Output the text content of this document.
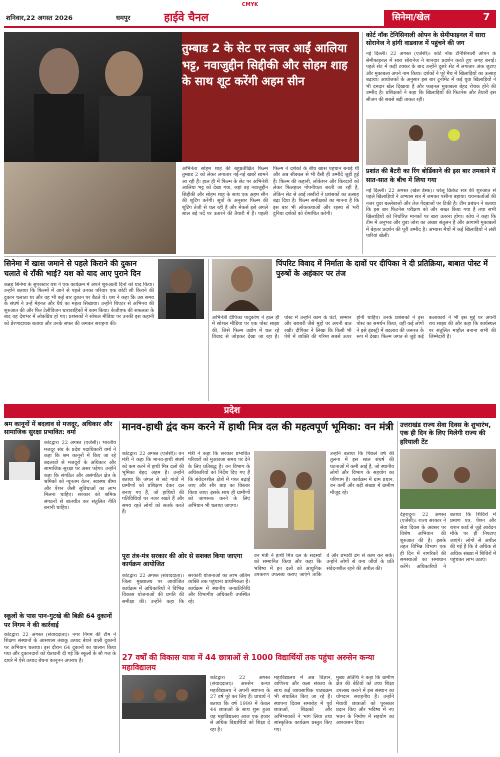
CMYK
शनिवार,22 अगस्त 2026	धमपुर	हाईवे चैनल	सिनेमा/खेल	7
तुम्बाड 2 के सेट पर नजर आईं आलिया भट्ट, नवाजुद्दीन सिद्दीकी और सोहम शाह के साथ शूट करेंगी अहम सीन
अभिनेता सोहम शाह की बहुप्रतीक्षित फिल्म तुम्बाड 2 को लेकर लगातार नई-नई खबरें सामने आ रही हैं। हाल ही में फिल्म के सेट पर अभिनेत्री आलिया भट्ट को देखा गया, जहां वह नवाजुद्दीन सिद्दीकी और सोहम शाह के साथ एक अहम सीन की शूटिंग करेंगी। सूत्रों के अनुसार फिल्म की शूटिंग तेजी से चल रही है और मेकर्स इसे अगले साल बड़े पर्दे पर उतारने की तैयारी में हैं। पहली फिल्म ने दर्शकों के बीच खास पहचान बनाई थी और अब सीक्वल से भी वैसी ही उम्मीदें जुड़ी हुई हैं। फिल्म की कहानी, लोकेशन और किरदारों को लेकर फिलहाल गोपनीयता बरती जा रही है, लेकिन सेट से आई तस्वीरों ने प्रशंसकों का उत्साह बढ़ा दिया है। फिल्म समीक्षकों का मानना है कि इस बार भी लोककथाओं और रहस्य से भरी दुनिया दर्शकों को रोमांचित करेगी।
कोर्ट नॉक टेनिसिनाली ओपन के सेमीफाइनल में सारा सोरानेज ने हांगी वाडवाज में पहुंचने की जग
नई दिल्ली। 22 अगस्त (एजेंसी)। कोर्ट नॉक टेनिसिनाली ओपन के सेमीफाइनल में सारा सोरानेज ने शानदार प्रदर्शन करते हुए जगह बनाई। पहले सेट में कड़ी टक्कर के बाद उन्होंने दूसरे सेट में लगातार अंक जुटाए और मुकाबला अपने नाम किया। दर्शकों ने पूरे मैच में खिलाड़ियों का उत्साह बढ़ाया। आयोजकों के अनुसार इस बार टूर्नामेंट में कई युवा खिलाड़ियों ने भी दमदार खेल दिखाया है और फाइनल मुकाबला बेहद रोचक होने की उम्मीद है। प्रशिक्षकों ने कहा कि खिलाड़ियों की फिटनेस और तैयारी इस सीजन की सबसे बड़ी ताकत रही।
प्रशांत की बैटरी का रिंग बोर्डिकाने की इस बार तमकाने में सात-सात के बीच में लिया गया
नई दिल्ली। 22 अगस्त (खेल डेस्क)। घरेलू क्रिकेट सत्र की शुरुआत से पहले खिलाड़ियों ने अभ्यास सत्र में जमकर पसीना बहाया। चयनकर्ताओं की नजर युवा बल्लेबाजों और तेज गेंदबाजों पर टिकी है। टीम प्रबंधन ने बताया कि इस बार फिटनेस परीक्षण को और सख्त किया गया है तथा सभी खिलाड़ियों को निर्धारित मानकों पर खरा उतरना होगा। कोच ने कहा कि टीम में अनुभव और युवा जोश का अच्छा संतुलन है और आगामी मुकाबलों में बेहतर प्रदर्शन की पूरी उम्मीद है। अभ्यास मैचों में कई खिलाड़ियों ने लंबी पारियां खेलीं।
सिनेमा में खास जमाने से पहले किराने की दुकान चलाते थे राँकी भाई? यश को याद आए पुराने दिन
कन्नड़ सिनेमा के सुपरस्टार यश ने एक कार्यक्रम में अपने शुरुआती दिनों को याद किया। उन्होंने बताया कि फिल्मों में आने से पहले उनका परिवार एक छोटी सी किराने की दुकान चलाता था और वह भी कई बार दुकान पर बैठते थे। यश ने कहा कि उस समय के संघर्ष ने उन्हें मेहनत और धैर्य का महत्व सिखाया। उन्होंने थिएटर से अभिनय की शुरुआत की और फिर टेलीविजन धारावाहिकों में काम किया। केजीएफ की सफलता के बाद वह देशभर में लोकप्रिय हो गए। प्रशंसकों ने सोशल मीडिया पर उनकी इस कहानी को प्रेरणादायक बताया और उनके सफर की जमकर सराहना की।
पिंपरिट विवाद में निर्माता के दावों पर दीपिका ने दी प्रतिक्रिया, बाबात पोस्ट में पुरुषों के अहंकार पर तंज
अभिनेत्री दीपिका पादुकोण ने हाल ही में सोशल मीडिया पर एक पोस्ट साझा की, जिसे फिल्म उद्योग में चल रहे विवाद से जोड़कर देखा जा रहा है। पोस्ट में उन्होंने काम के घंटों, सम्मान और बराबरी जैसे मुद्दों पर अपनी बात रखी। दीपिका ने लिखा कि किसी भी पेशे में व्यक्ति की गरिमा सबसे ऊपर होनी चाहिए। उनके प्रशंसकों ने इस पोस्ट का समर्थन किया, वहीं कई लोगों ने इसे इंडस्ट्री में बदलाव की जरूरत के रूप में देखा। फिल्म जगत से जुड़े कई कलाकारों ने भी इस मुद्दे पर अपनी राय साझा की और कहा कि कार्यस्थल पर संतुलित माहौल बनाना सभी की जिम्मेदारी है।
प्रदेश
श्रम कानूनों में बदलाव से मजदूर, अधिकार और सामाजिक सुरक्षा प्रभावित: वर्मा
कोटद्वार। 22 अगस्त (एजेंसी)। भारतीय मजदूर संघ के प्रदेश पदाधिकारी वर्मा ने कहा कि श्रम कानूनों में किए जा रहे बदलावों से मजदूरों के अधिकार और सामाजिक सुरक्षा पर असर पड़ेगा। उन्होंने कहा कि संगठित और असंगठित क्षेत्र के श्रमिकों को न्यूनतम वेतन, स्वास्थ्य बीमा और पेंशन जैसी सुविधाओं का लाभ मिलना चाहिए। सरकार को श्रमिक संगठनों से बातचीत कर संतुलित नीति बनानी चाहिए।
स्कूलों के पास पान-गुटखे की बिक्री 64 दुकानों पर निगम ने की कार्रवाई
कोटद्वार। 22 अगस्त (संवाददाता)। नगर निगम की टीम ने शिक्षण संस्थानों के आसपास तंबाकू उत्पाद बेचने वाली दुकानों पर अभियान चलाया। इस दौरान 64 दुकानों का चालान किया गया और दुकानदारों को चेतावनी दी गई कि स्कूलों के सौ गज के दायरे में ऐसे उत्पाद बेचना कानूनन अपराध है।
मानव-हाथी द्वंद कम करने में हाथी मित्र दल की महत्वपूर्ण भूमिका: वन मंत्री
कोटद्वार। 22 अगस्त (एजेंसी)। वन मंत्री ने कहा कि मानव-हाथी संघर्ष को कम करने में हाथी मित्र दलों की भूमिका बेहद अहम है। उन्होंने बताया कि जंगल से सटे गांवों में ग्रामीणों को प्रशिक्षण देकर दल बनाए गए हैं, जो हाथियों की गतिविधियों पर नजर रखते हैं और समय रहते लोगों को सतर्क करते हैं।
मंत्री ने कहा कि सरकार प्रभावित परिवारों को मुआवजा समय पर देने के लिए प्रतिबद्ध है। वन विभाग के अधिकारियों को निर्देश दिए गए हैं कि संवेदनशील क्षेत्रों में गश्त बढ़ाई जाए और सौर बाड़ का विस्तार किया जाए। इसके साथ ही ग्रामीणों को जागरूक करने के लिए अभियान भी चलाया जाएगा।
उन्होंने बताया कि पिछले वर्ष की तुलना में इस साल संघर्ष की घटनाओं में कमी आई है, जो स्थानीय लोगों और विभाग के सहयोग का परिणाम है। कार्यक्रम में ग्राम प्रधान, वन कर्मी और बड़ी संख्या में ग्रामीण मौजूद रहे।
वन मंत्री ने हाथी मित्र दल के सदस्यों को सम्मानित किया और कहा कि भविष्य में इन दलों को आधुनिक उपकरण उपलब्ध कराए जाएंगे ताकि वे और प्रभावी ढंग से काम कर सकें। उन्होंने लोगों से वन्य जीवों के प्रति संवेदनशील रहने की अपील की।
पूरा तंत्र-मंत्र सरकार की ओर से सशक्त किया जाएगा कार्यक्रम आयोजित
कोटद्वार। 22 अगस्त (संवाददाता)। जिला मुख्यालय पर आयोजित कार्यक्रम में अधिकारियों ने विभिन्न विकास योजनाओं की प्रगति की समीक्षा की। उन्होंने कहा कि सरकारी योजनाओं का लाभ अंतिम व्यक्ति तक पहुंचाना प्राथमिकता है। कार्यक्रम में स्थानीय जनप्रतिनिधि और विभागीय अधिकारी उपस्थित रहे।
27 वर्षों की विकास यात्रा में 44 छात्राओं से 1000 विद्यार्थियों तक पहुंचा अरुसेन कन्या महाविद्यालय
कोटद्वार। 22 अगस्त (संवाददाता)। अरुसेन कन्या महाविद्यालय ने अपनी स्थापना के 27 वर्ष पूरे कर लिए हैं। प्राचार्य ने बताया कि वर्ष 1999 में केवल 44 छात्राओं के साथ शुरू हुआ यह महाविद्यालय आज एक हजार से अधिक विद्यार्थियों को शिक्षा दे रहा है।
महाविद्यालय में अब विज्ञान, वाणिज्य और कला संकाय के साथ कई व्यावसायिक पाठ्यक्रम भी संचालित किए जा रहे हैं। स्थापना दिवस समारोह में पूर्व छात्राओं, शिक्षकों और अभिभावकों ने भाग लिया तथा सांस्कृतिक कार्यक्रम प्रस्तुत किए गए।
मुख्य अतिथि ने कहा कि ग्रामीण क्षेत्र की बेटियों को उच्च शिक्षा उपलब्ध कराने में इस संस्थान का योगदान सराहनीय है। उन्होंने मेधावी छात्राओं को पुरस्कार प्रदान किए और भविष्य में नए भवन के निर्माण में सहयोग का आश्वासन दिया।
उत्तराखंड राज्य सेवा दिवस के शुभारंभ, एक ही दिन के लिए मिलेगी राज्य की हरियाली टेंट
देहरादून। 22 अगस्त (एजेंसी)। राज्य सरकार ने सेवा दिवस के अवसर पर विशेष अभियान की शुरुआत की है। इसके तहत विभिन्न विभाग एक ही दिन में नागरिकों की समस्याओं का समाधान करेंगे। अधिकारियों ने बताया कि शिविरों में प्रमाण पत्र, पेंशन और राशन कार्ड से जुड़े आवेदन मौके पर ही निपटाए जाएंगे। लोगों से अपील की गई है कि वे अधिक से अधिक संख्या में शिविरों में पहुंचकर लाभ उठाएं।
